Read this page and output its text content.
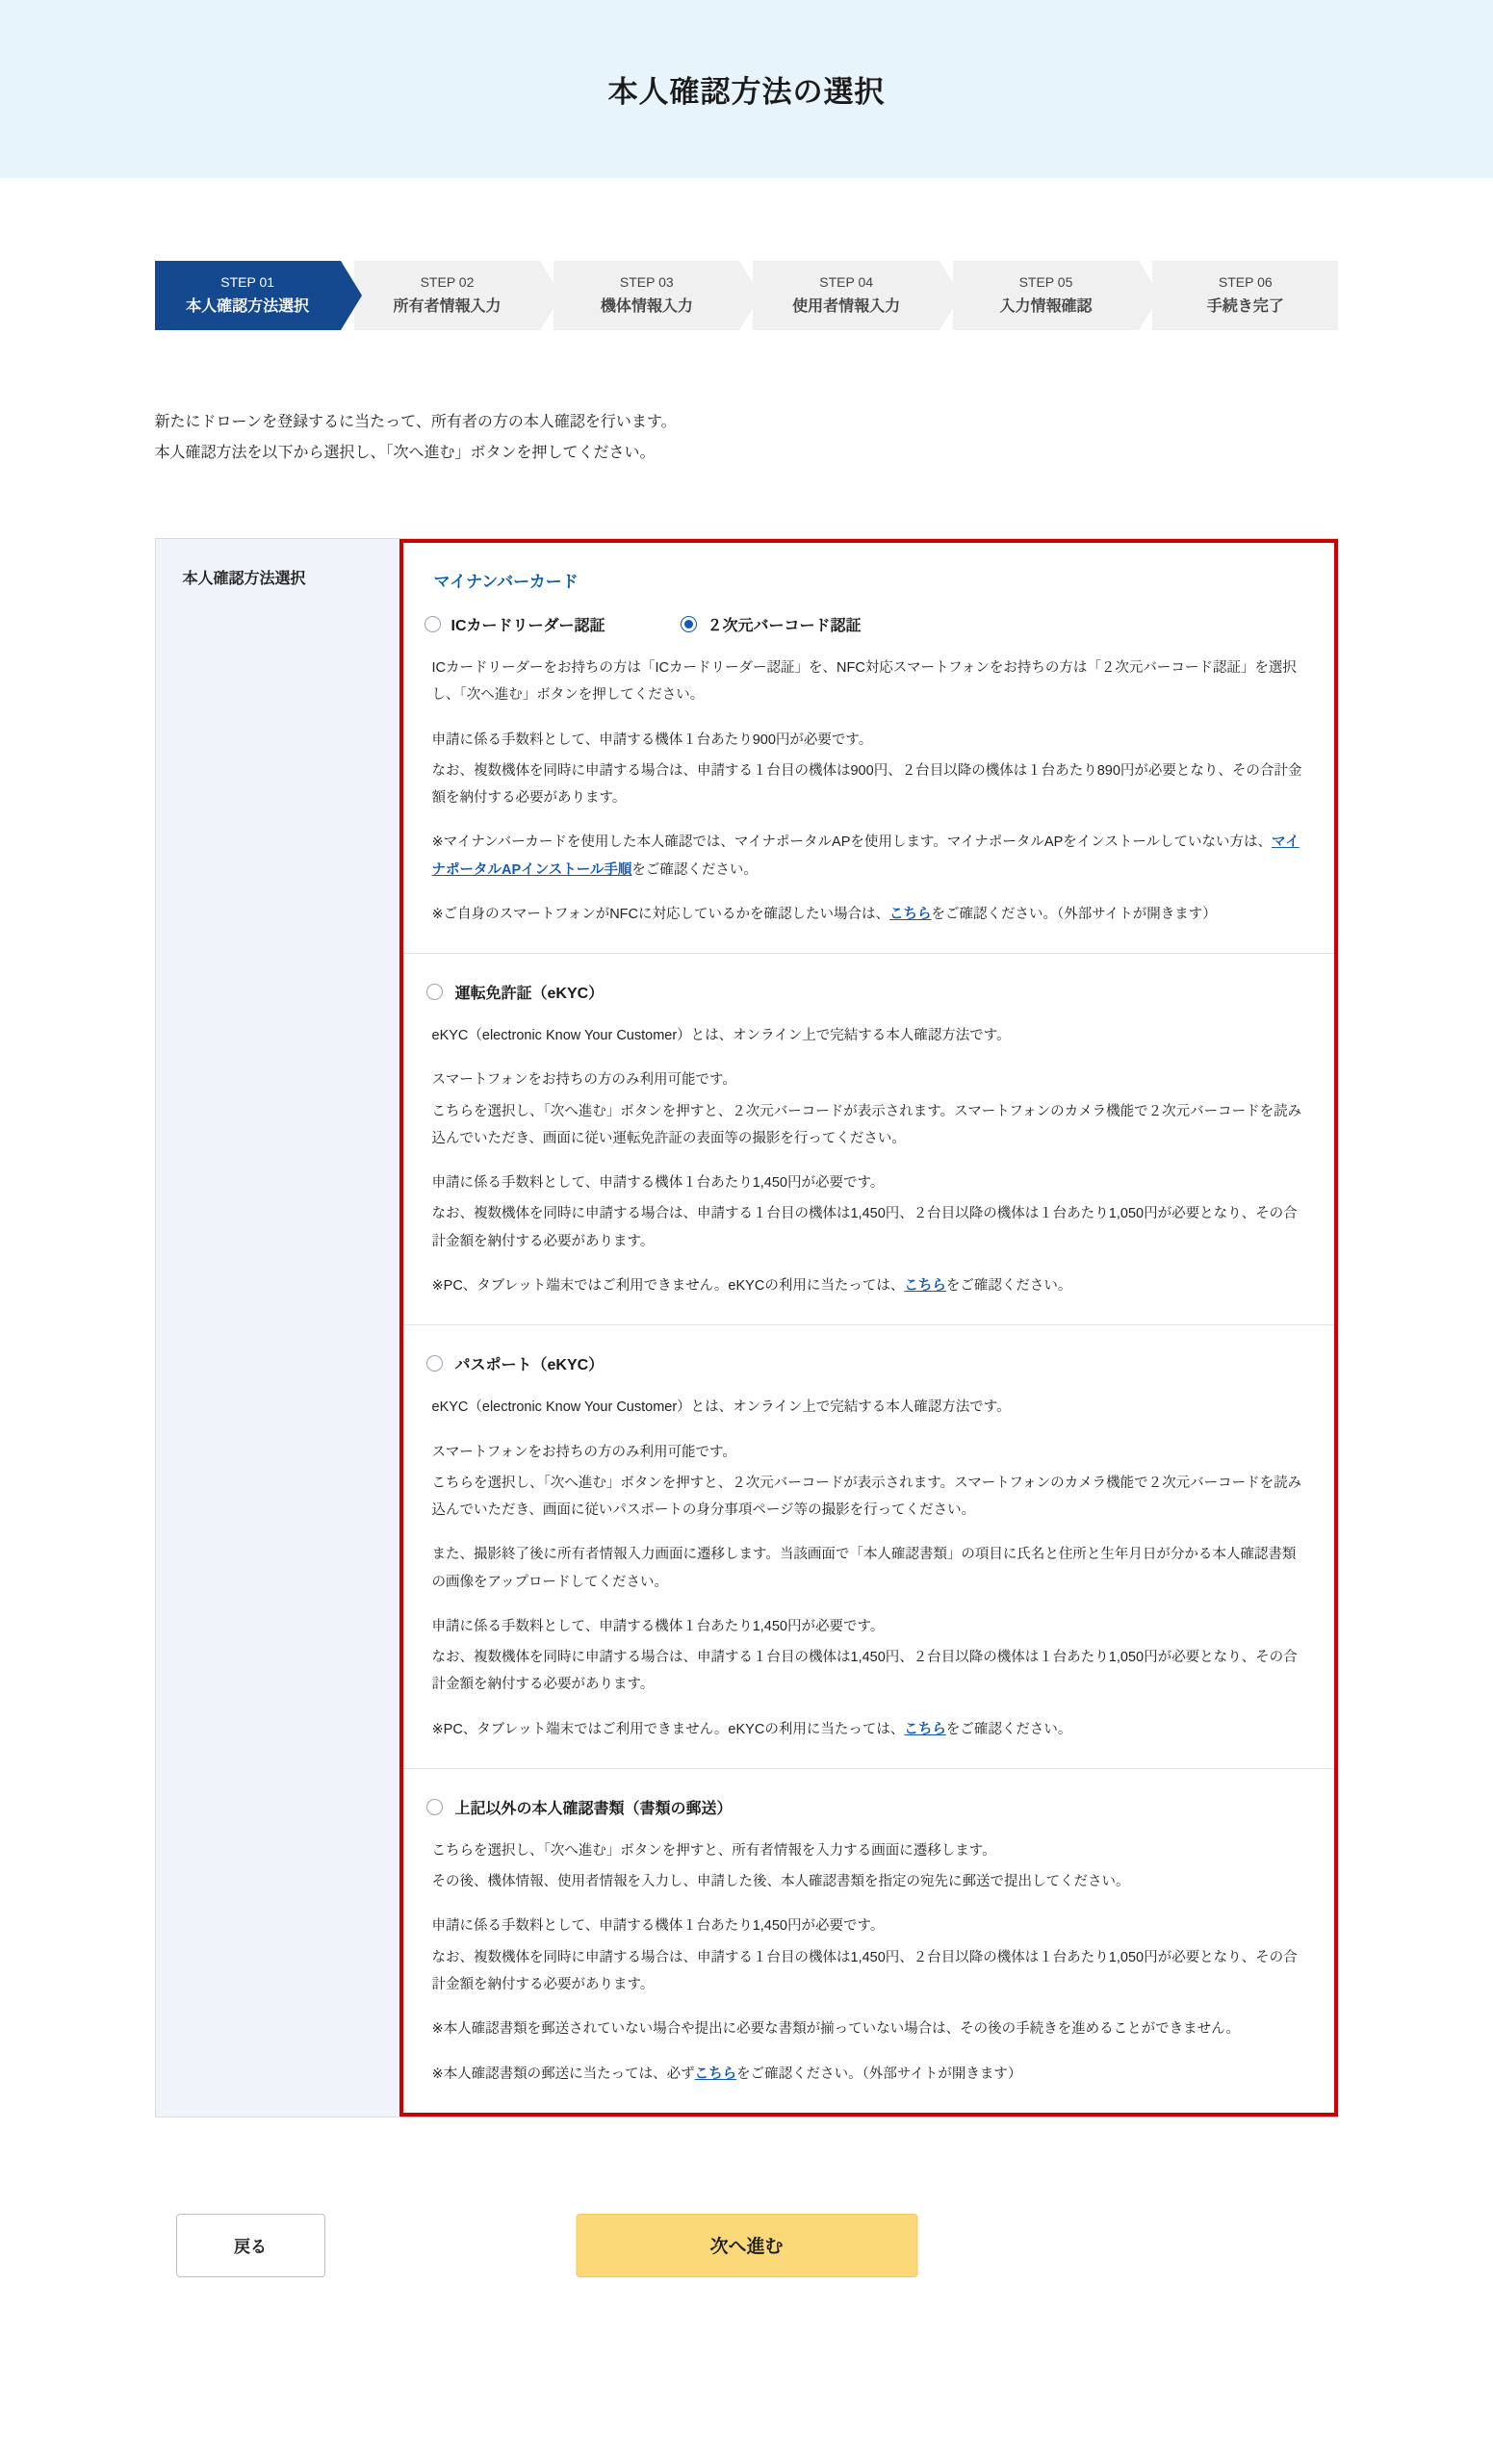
本人確認方法の選択
STEP 01
本人確認方法選択
STEP 02
所有者情報入力
STEP 03
機体情報入力
STEP 04
使用者情報入力
STEP 05
入力情報確認
STEP 06
手続き完了
新たにドローンを登録するに当たって、所有者の方の本人確認を行います。
本人確認方法を以下から選択し、「次へ進む」ボタンを押してください。
本人確認方法選択	マイナンバーカード
ICカードリーダー認証	２次元バーコード認証

ICカードリーダーをお持ちの方は「ICカードリーダー認証」を、NFC対応スマートフォンをお持ちの方は「２次元バーコード認証」を選択し、「次へ進む」ボタンを押してください。

申請に係る手数料として、申請する機体１台あたり900円が必要です。

なお、複数機体を同時に申請する場合は、申請する１台目の機体は900円、２台目以降の機体は１台あたり890円が必要となり、その合計金額を納付する必要があります。

※マイナンバーカードを使用した本人確認では、マイナポータルAPを使用します。マイナポータルAPをインストールしていない方は、マイナポータルAPインストール手順をご確認ください。

※ご自身のスマートフォンがNFCに対応しているかを確認したい場合は、こちらをご確認ください。（外部サイトが開きます）

運転免許証（eKYC）

eKYC（electronic Know Your Customer）とは、オンライン上で完結する本人確認方法です。

スマートフォンをお持ちの方のみ利用可能です。

こちらを選択し、「次へ進む」ボタンを押すと、２次元バーコードが表示されます。スマートフォンのカメラ機能で２次元バーコードを読み込んでいただき、画面に従い運転免許証の表面等の撮影を行ってください。

申請に係る手数料として、申請する機体１台あたり1,450円が必要です。

なお、複数機体を同時に申請する場合は、申請する１台目の機体は1,450円、２台目以降の機体は１台あたり1,050円が必要となり、その合計金額を納付する必要があります。

※PC、タブレット端末ではご利用できません。eKYCの利用に当たっては、こちらをご確認ください。

パスポート（eKYC）

eKYC（electronic Know Your Customer）とは、オンライン上で完結する本人確認方法です。

スマートフォンをお持ちの方のみ利用可能です。

こちらを選択し、「次へ進む」ボタンを押すと、２次元バーコードが表示されます。スマートフォンのカメラ機能で２次元バーコードを読み込んでいただき、画面に従いパスポートの身分事項ページ等の撮影を行ってください。

また、撮影終了後に所有者情報入力画面に遷移します。当該画面で「本人確認書類」の項目に氏名と住所と生年月日が分かる本人確認書類の画像をアップロードしてください。

申請に係る手数料として、申請する機体１台あたり1,450円が必要です。

なお、複数機体を同時に申請する場合は、申請する１台目の機体は1,450円、２台目以降の機体は１台あたり1,050円が必要となり、その合計金額を納付する必要があります。

※PC、タブレット端末ではご利用できません。eKYCの利用に当たっては、こちらをご確認ください。

上記以外の本人確認書類（書類の郵送）

こちらを選択し、「次へ進む」ボタンを押すと、所有者情報を入力する画面に遷移します。

その後、機体情報、使用者情報を入力し、申請した後、本人確認書類を指定の宛先に郵送で提出してください。

申請に係る手数料として、申請する機体１台あたり1,450円が必要です。

なお、複数機体を同時に申請する場合は、申請する１台目の機体は1,450円、２台目以降の機体は１台あたり1,050円が必要となり、その合計金額を納付する必要があります。

※本人確認書類を郵送されていない場合や提出に必要な書類が揃っていない場合は、その後の手続きを進めることができません。

※本人確認書類の郵送に当たっては、必ずこちらをご確認ください。（外部サイトが開きます）

戻る	次へ進む
